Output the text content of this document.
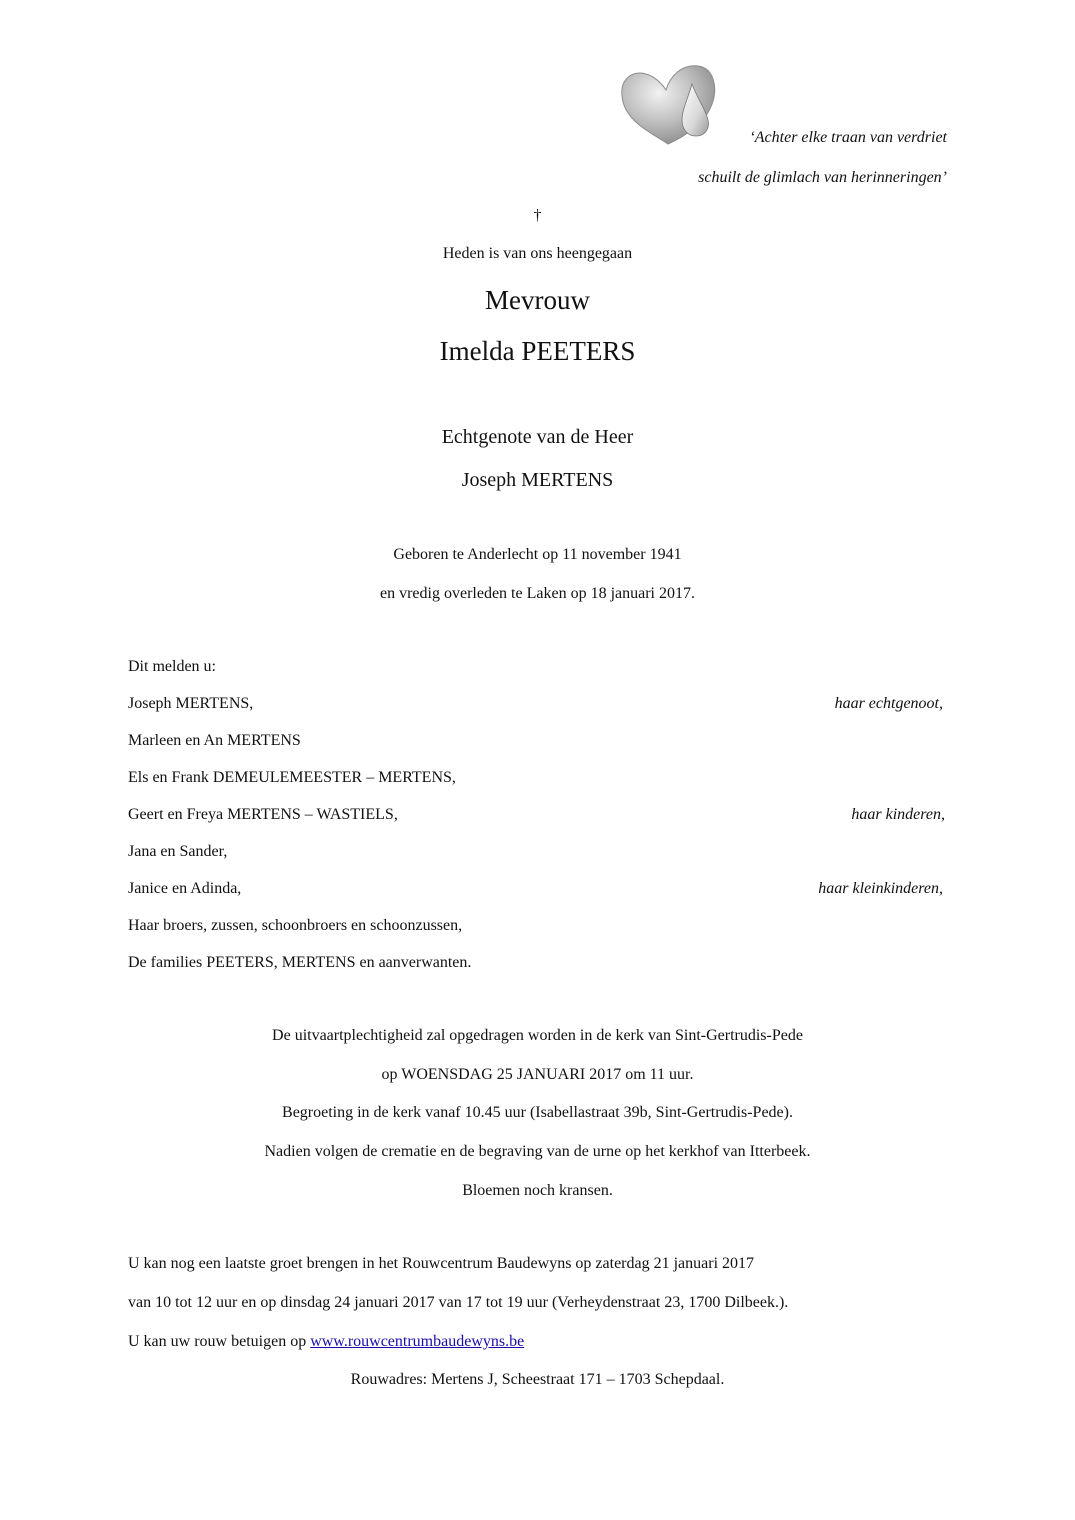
‘Achter elke traan van verdriet
schuilt de glimlach van herinneringen’
†
Heden is van ons heengegaan
Mevrouw
Imelda PEETERS
Echtgenote van de Heer
Joseph MERTENS
Geboren te Anderlecht op 11 november 1941
en vredig overleden te Laken op 18 januari 2017.
Dit melden u:
Joseph MERTENS,	haar echtgenoot,
Marleen en An MERTENS
Els en Frank DEMEULEMEESTER – MERTENS,
Geert en Freya MERTENS – WASTIELS,	haar kinderen,
Jana en Sander,
Janice en Adinda,	haar kleinkinderen,
Haar broers, zussen, schoonbroers en schoonzussen,
De families PEETERS, MERTENS en aanverwanten.
De uitvaartplechtigheid zal opgedragen worden in de kerk van Sint-Gertrudis-Pede
op WOENSDAG 25 JANUARI 2017 om 11 uur.
Begroeting in de kerk vanaf 10.45 uur (Isabellastraat 39b, Sint-Gertrudis-Pede).
Nadien volgen de crematie en de begraving van de urne op het kerkhof van Itterbeek.
Bloemen noch kransen.
U kan nog een laatste groet brengen in het Rouwcentrum Baudewyns op zaterdag 21 januari 2017
van 10 tot 12 uur en op dinsdag 24 januari 2017 van 17 tot 19 uur (Verheydenstraat 23, 1700 Dilbeek.).
U kan uw rouw betuigen op www.rouwcentrumbaudewyns.be
Rouwadres: Mertens J, Scheestraat 171 – 1703 Schepdaal.
